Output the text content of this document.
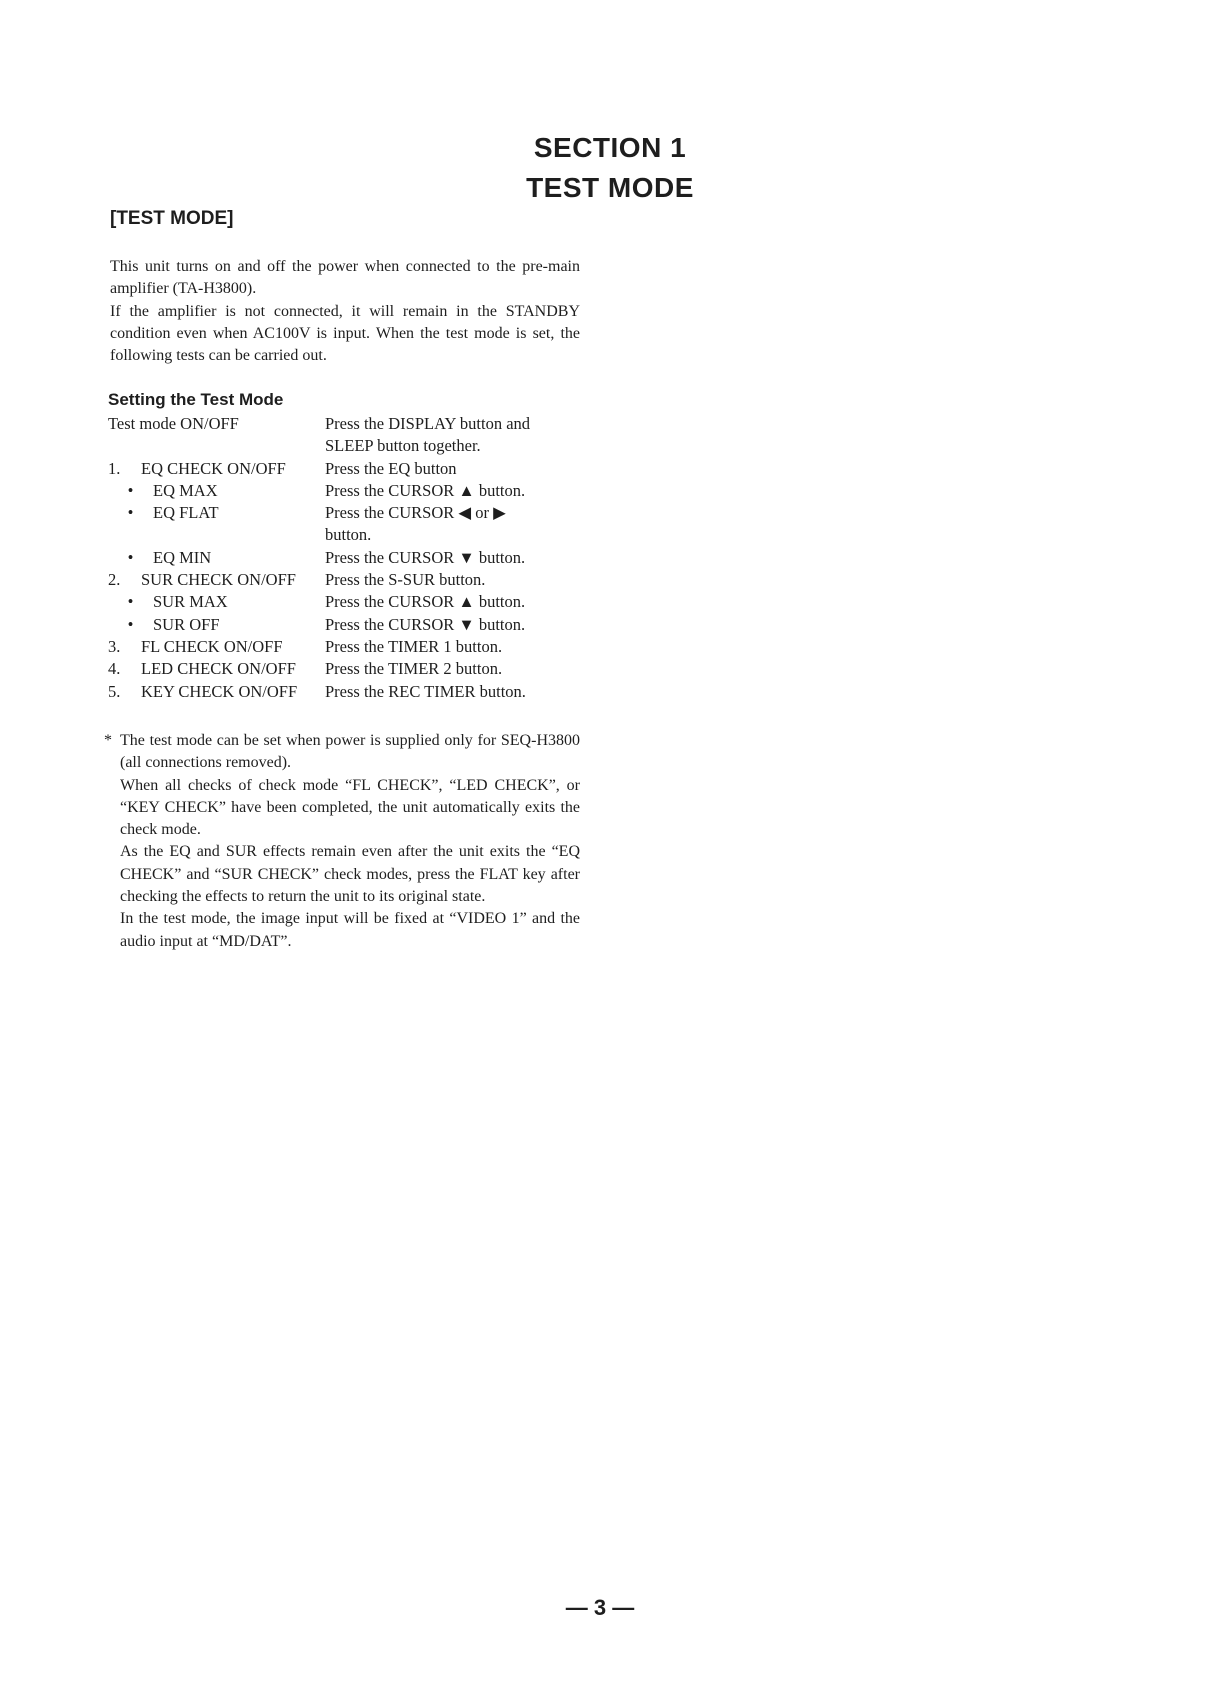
SECTION 1
TEST MODE
[TEST MODE]

This unit turns on and off the power when connected to the pre-main amplifier (TA-H3800).

If the amplifier is not connected, it will remain in the STANDBY condition even when AC100V is input. When the test mode is set, the following tests can be carried out.

Setting the Test Mode
Test mode ON/OFF	Press the DISPLAY button and
SLEEP button together.
1.	EQ CHECK ON/OFF	Press the EQ button
•	EQ MAX	Press the CURSOR ▲ button.
•	EQ FLAT	Press the CURSOR ◀ or ▶
button.
•	EQ MIN	Press the CURSOR ▼ button.
2.	SUR CHECK ON/OFF	Press the S-SUR button.
•	SUR MAX	Press the CURSOR ▲ button.
•	SUR OFF	Press the CURSOR ▼ button.
3.	FL CHECK ON/OFF	Press the TIMER 1 button.
4.	LED CHECK ON/OFF	Press the TIMER 2 button.
5.	KEY CHECK ON/OFF	Press the REC TIMER button.
* The test mode can be set when power is supplied only for SEQ-H3800 (all connections removed).

When all checks of check mode “FL CHECK”, “LED CHECK”, or “KEY CHECK” have been completed, the unit automatically exits the check mode.

As the EQ and SUR effects remain even after the unit exits the “EQ CHECK” and “SUR CHECK” check modes, press the FLAT key after checking the effects to return the unit to its original state.

In the test mode, the image input will be fixed at “VIDEO 1” and the audio input at “MD/DAT”.

— 3 —
